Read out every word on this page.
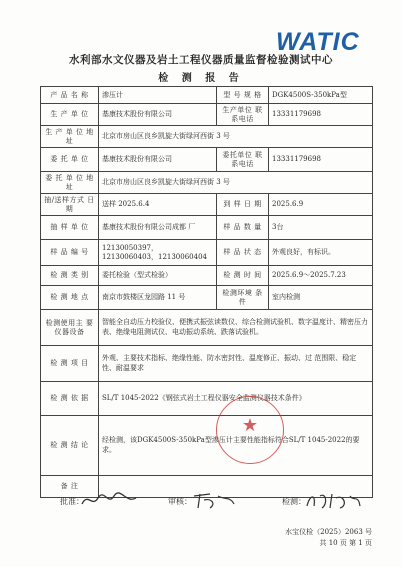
WATIC
水利部水文仪器及岩土工程仪器质量监督检验测试中心
检 测 报 告
产 品 名 称	渗压计	型 号 规 格	DGK4500S-350kPa型
生 产 单 位	基康技术股份有限公司	生产单位 联系电话	13331179698
生 产 单 位 地 址	北京市房山区良乡凯旋大街绿河西街 3 号		
委 托 单 位	基康技术股份有限公司	委托单位 联系电话	13331179698
委 托 单 位 地 址	北京市房山区良乡凯旋大街绿河西街 3 号		
抽/送样方式 日 期	送样 2025.6.4	到 样 日 期	2025.6.9
抽 样 单 位	基康技术股份有限公司成都 厂	样 品 数 量	3台
样 品 编 号	12130050397，12130060403，12130060404	样 品 状 态	外观良好，有标识。
检 测 类 别	委托检验（型式检验）	检 测 时 间	2025.6.9～2025.7.23
检 测 地 点	南京市鼓楼区龙园路 11 号	检测环境 条 件	室内检测
检测使用主 要仪器设备	智能全自动压力校验仪、便携式振弦读数仪、综合检测试验机、数字温度计、精密压力表、绝缘电阻测试仪、电动振动系统、跌落试验机。		
检 测 项 目	外观、主要技术指标、绝缘性能、防水密封性、温度修正、振动、过 范围限、稳定性、耐温要求		
检 测 依 据	SL/T 1045-2022《钢弦式岩土工程仪器安全监测仪器技术条件》		
检 测 结 论	经检测，该DGK4500S-350kPa型渗压计主要性能指标符合SL/T 1045-2022的要求。		
备 注			
★
批准：	审核：	检测：
水宝仪检（2025）2063 号
共 10 页 第 1 页
